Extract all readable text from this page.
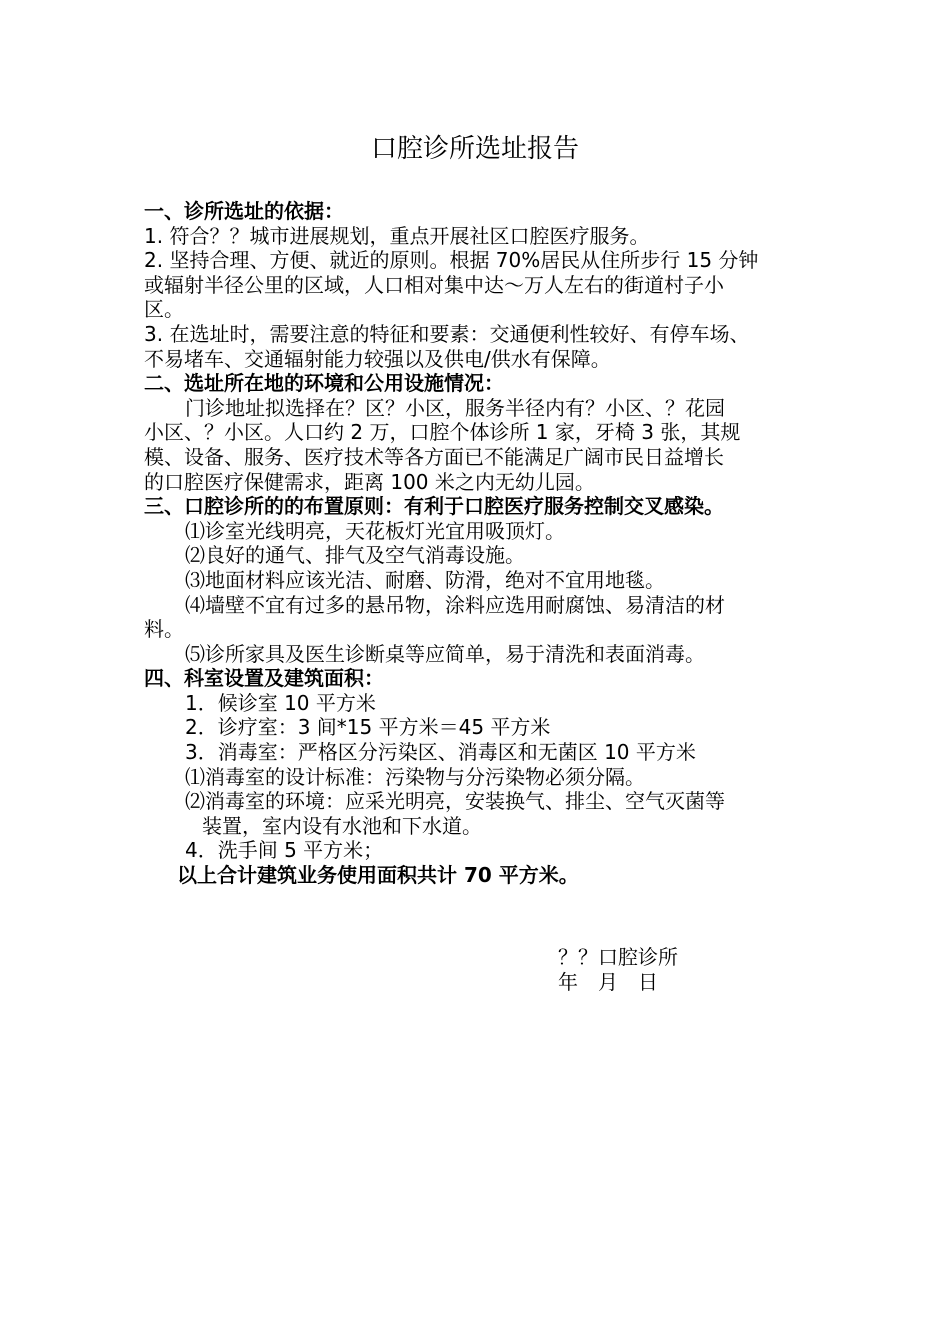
口腔诊所选址报告
一、诊所选址的依据：
1. 符合？？城市进展规划，重点开展社区口腔医疗服务。
2. 坚持合理、方便、就近的原则。根据 70%居民从住所步行 15 分钟
或辐射半径公里的区域，人口相对集中达～万人左右的街道村子小
区。
3. 在选址时，需要注意的特征和要素：交通便利性较好、有停车场、
不易堵车、交通辐射能力较强以及供电/供水有保障。
二、选址所在地的环境和公用设施情况：
门诊地址拟选择在？区？小区，服务半径内有？小区、？花园
小区、？小区。人口约 2 万，口腔个体诊所 1 家，牙椅 3 张，其规
模、设备、服务、医疗技术等各方面已不能满足广阔市民日益增长
的口腔医疗保健需求，距离 100 米之内无幼儿园。
三、口腔诊所的的布置原则：有利于口腔医疗服务控制交叉感染。
⑴诊室光线明亮，天花板灯光宜用吸顶灯。
⑵良好的通气、排气及空气消毒设施。
⑶地面材料应该光洁、耐磨、防滑，绝对不宜用地毯。
⑷墙壁不宜有过多的悬吊物，涂料应选用耐腐蚀、易清洁的材
料。
⑸诊所家具及医生诊断桌等应简单，易于清洗和表面消毒。
四、科室设置及建筑面积：
1．候诊室 10 平方米
2．诊疗室：3 间*15 平方米＝45 平方米
3．消毒室：严格区分污染区、消毒区和无菌区 10 平方米
⑴消毒室的设计标准：污染物与分污染物必须分隔。
⑵消毒室的环境：应采光明亮，安装换气、排尘、空气灭菌等
装置，室内设有水池和下水道。
4．洗手间 5 平方米；
以上合计建筑业务使用面积共计 70 平方米。
？？口腔诊所
年　月　日
